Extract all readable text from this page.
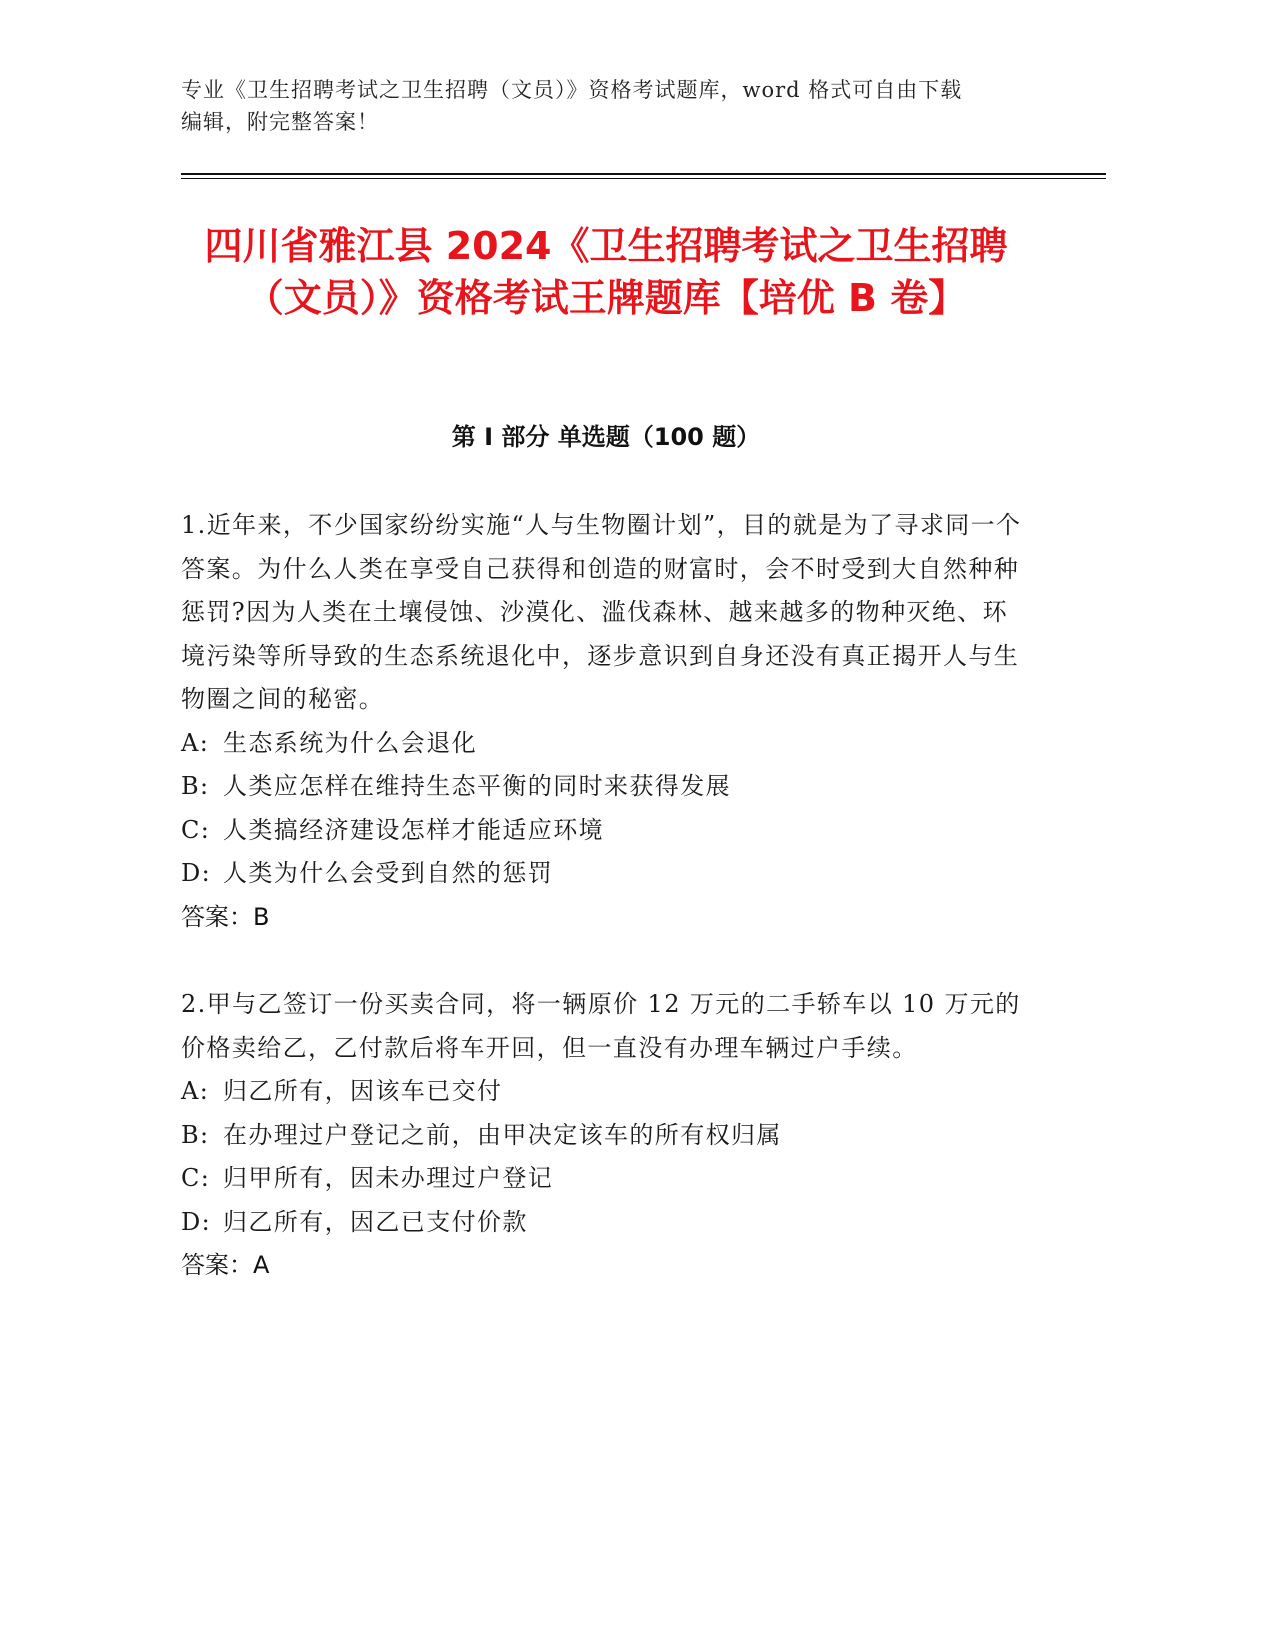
专业《卫生招聘考试之卫生招聘（文员）》资格考试题库，word 格式可自由下载
编辑，附完整答案！
四川省雅江县 2024《卫生招聘考试之卫生招聘（文员）》资格考试王牌题库【培优 B 卷】
第 I 部分 单选题（100 题）

1.近年来，不少国家纷纷实施“人与生物圈计划”，目的就是为了寻求同一个答案。为什么人类在享受自己获得和创造的财富时，会不时受到大自然种种惩罚?因为人类在土壤侵蚀、沙漠化、滥伐森林、越来越多的物种灭绝、环境污染等所导致的生态系统退化中，逐步意识到自身还没有真正揭开人与生物圈之间的秘密。

A: 生态系统为什么会退化

B: 人类应怎样在维持生态平衡的同时来获得发展

C: 人类搞经济建设怎样才能适应环境

D: 人类为什么会受到自然的惩罚

答案：B

2.甲与乙签订一份买卖合同，将一辆原价 12 万元的二手轿车以 10 万元的价格卖给乙，乙付款后将车开回，但一直没有办理车辆过户手续。

A: 归乙所有，因该车已交付

B: 在办理过户登记之前，由甲决定该车的所有权归属

C: 归甲所有，因未办理过户登记

D: 归乙所有，因乙已支付价款

答案：A
